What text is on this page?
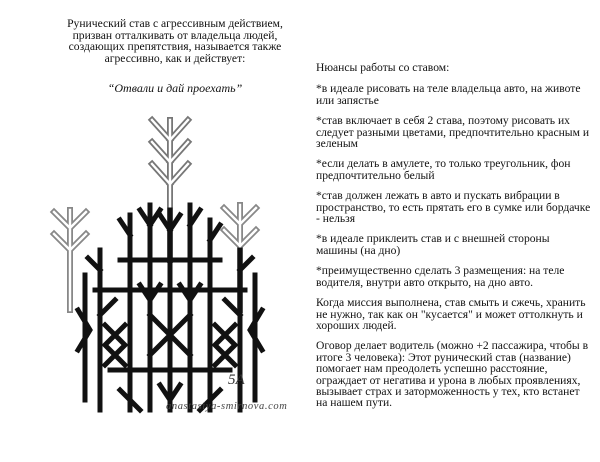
Рунический став с агрессивным действием,

призван отталкивать от владельца людей,

создающих препятствия, называется также

агрессивно, как и действует:

“Отвали и дай проехать”
5A
anastasiya-smirnova.com

Нюансы работы со ставом:

*в идеале рисовать на теле владельца авто, на животе или запястье

*став включает в себя 2 става, поэтому рисовать их следует разными цветами, предпочтительно красным и зеленым

*если делать в амулете, то только треугольник, фон предпочтительно белый

*став должен лежать в авто и пускать вибрации в пространство, то есть прятать его в сумке или бордачке - нельзя

*в идеале приклеить став и с внешней стороны машины (на дно)

*преимущественно сделать 3 размещения: на теле водителя, внутри авто открыто, на дно авто.

Когда миссия выполнена, став смыть и сжечь, хранить не нужно, так как он "кусается" и может оттолкнуть и хороших людей.

Оговор делает водитель (можно +2 пассажира, чтобы в итоге 3 человека): Этот рунический став (название) помогает нам преодолеть успешно расстояние, ограждает от негатива и урона в любых проявлениях, вызывает страх и заторможенность у тех, кто встанет на нашем пути.
